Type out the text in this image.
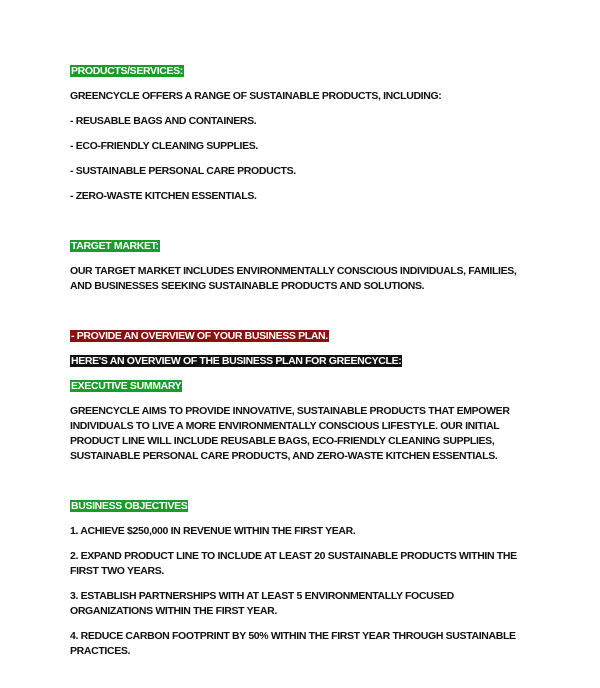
PRODUCTS/SERVICES:

GREENCYCLE OFFERS A RANGE OF SUSTAINABLE PRODUCTS, INCLUDING:

- REUSABLE BAGS AND CONTAINERS.

- ECO-FRIENDLY CLEANING SUPPLIES.

- SUSTAINABLE PERSONAL CARE PRODUCTS.

- ZERO-WASTE KITCHEN ESSENTIALS.

TARGET MARKET:

OUR TARGET MARKET INCLUDES ENVIRONMENTALLY CONSCIOUS INDIVIDUALS, FAMILIES, AND BUSINESSES SEEKING SUSTAINABLE PRODUCTS AND SOLUTIONS.

- PROVIDE AN OVERVIEW OF YOUR BUSINESS PLAN.

HERE'S AN OVERVIEW OF THE BUSINESS PLAN FOR GREENCYCLE:

EXECUTIVE SUMMARY

GREENCYCLE AIMS TO PROVIDE INNOVATIVE, SUSTAINABLE PRODUCTS THAT EMPOWER INDIVIDUALS TO LIVE A MORE ENVIRONMENTALLY CONSCIOUS LIFESTYLE. OUR INITIAL PRODUCT LINE WILL INCLUDE REUSABLE BAGS, ECO-FRIENDLY CLEANING SUPPLIES, SUSTAINABLE PERSONAL CARE PRODUCTS, AND ZERO-WASTE KITCHEN ESSENTIALS.

BUSINESS OBJECTIVES

1. ACHIEVE $250,000 IN REVENUE WITHIN THE FIRST YEAR.

2. EXPAND PRODUCT LINE TO INCLUDE AT LEAST 20 SUSTAINABLE PRODUCTS WITHIN THE FIRST TWO YEARS.

3. ESTABLISH PARTNERSHIPS WITH AT LEAST 5 ENVIRONMENTALLY FOCUSED ORGANIZATIONS WITHIN THE FIRST YEAR.

4. REDUCE CARBON FOOTPRINT BY 50% WITHIN THE FIRST YEAR THROUGH SUSTAINABLE PRACTICES.
